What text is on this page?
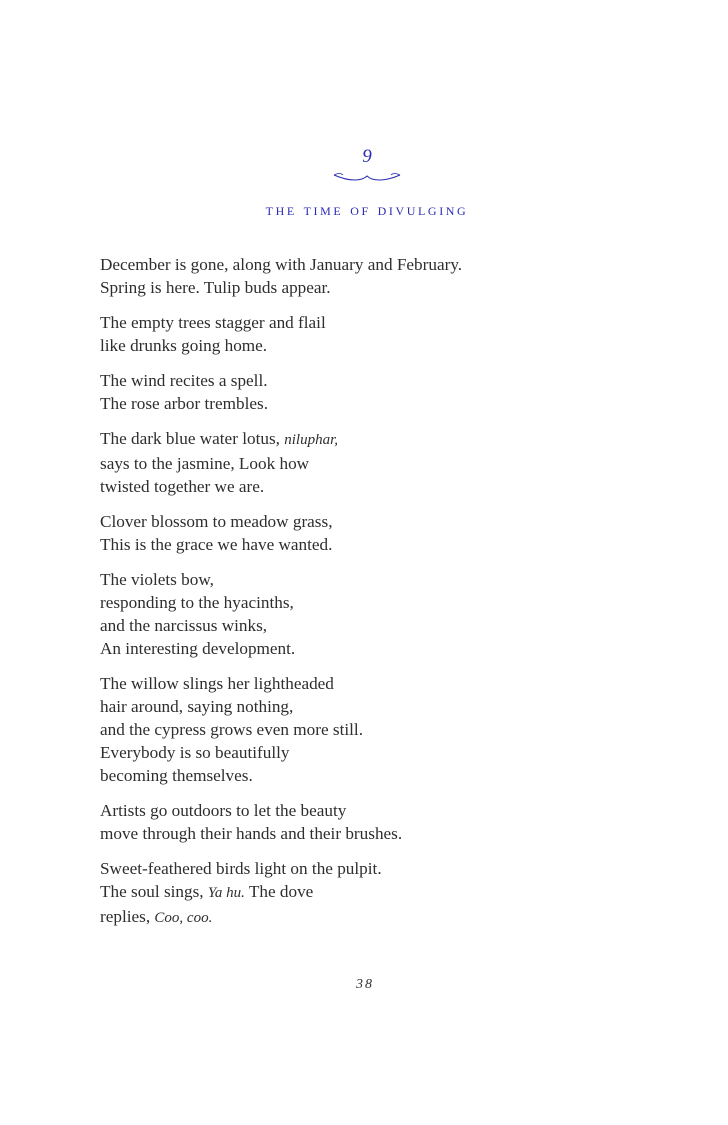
9
the time of divulging
December is gone, along with January and February.
Spring is here. Tulip buds appear.
The empty trees stagger and flail
like drunks going home.
The wind recites a spell.
The rose arbor trembles.
The dark blue water lotus, niluphar,
says to the jasmine, Look how
twisted together we are.
Clover blossom to meadow grass,
This is the grace we have wanted.
The violets bow,
responding to the hyacinths,
and the narcissus winks,
An interesting development.
The willow slings her lightheaded
hair around, saying nothing,
and the cypress grows even more still.
Everybody is so beautifully
becoming themselves.
Artists go outdoors to let the beauty
move through their hands and their brushes.
Sweet-feathered birds light on the pulpit.
The soul sings, Ya hu. The dove
replies, Coo, coo.
38
